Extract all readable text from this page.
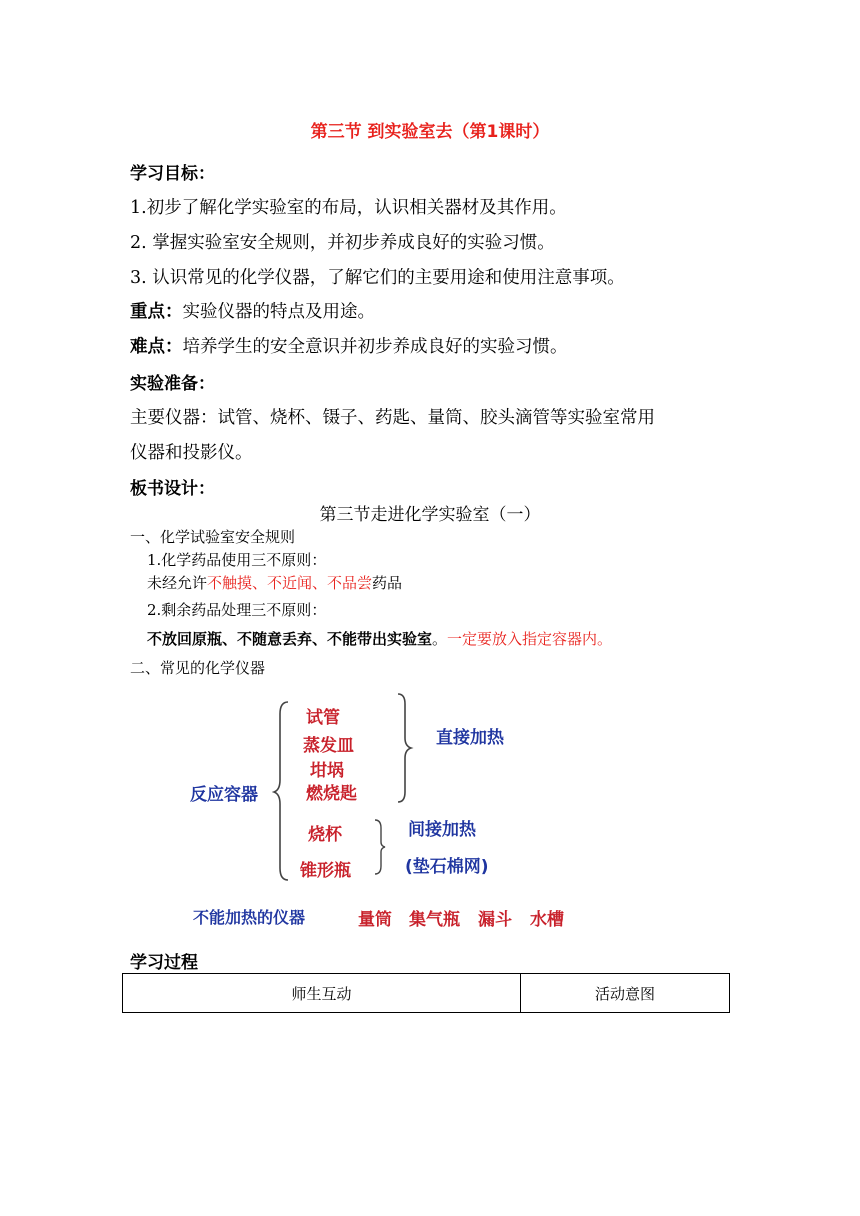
第三节 到实验室去（第1课时）
学习目标：
1.初步了解化学实验室的布局，认识相关器材及其作用。
2. 掌握实验室安全规则，并初步养成良好的实验习惯。
3. 认识常见的化学仪器，了解它们的主要用途和使用注意事项。
重点：实验仪器的特点及用途。
难点：培养学生的安全意识并初步养成良好的实验习惯。
实验准备：
主要仪器：试管、烧杯、镊子、药匙、量筒、胶头滴管等实验室常用
仪器和投影仪。
板书设计：
第三节走进化学实验室（一）
一、化学试验室安全规则
1.化学药品使用三不原则：
未经允许不触摸、不近闻、不品尝药品
2.剩余药品处理三不原则：
不放回原瓶、不随意丢弃、不能带出实验室。一定要放入指定容器内。
二、常见的化学仪器
反应容器
试管
蒸发皿
坩埚
燃烧匙
直接加热
烧杯
锥形瓶
间接加热
(垫石棉网)
不能加热的仪器	量筒 集气瓶 漏斗 水槽
学习过程
师生互动	活动意图
